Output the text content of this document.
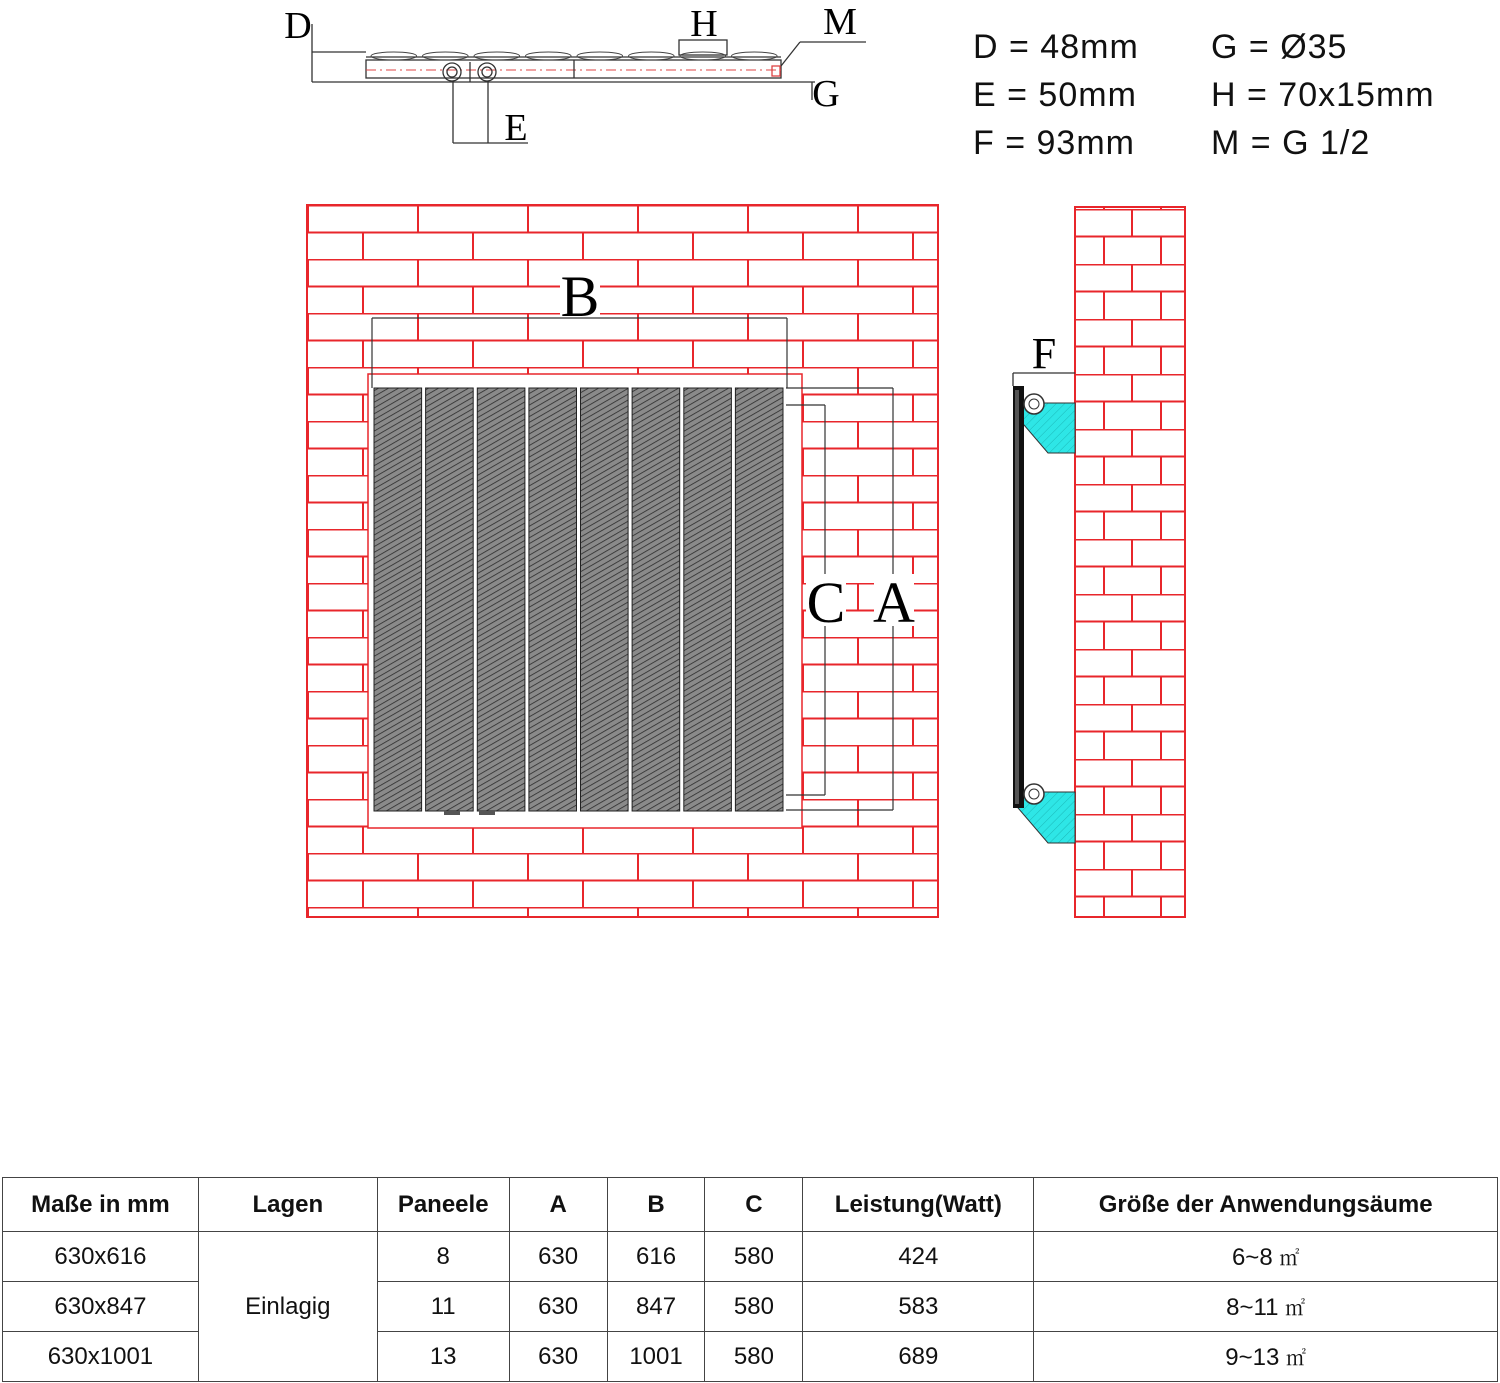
D	H	M
G
E
B
C A
F
D = 48mm
E = 50mm
F = 93mm
G = Ø35
H = 70x15mm
M = G 1/2
Maße in mm	Lagen	Paneele	A	B	C	Leistung(Watt)	Größe der Anwendungsäume
630x616	Einlagig	8	630	616	580	424	6~8 ㎡
630x847		11	630	847	580	583	8~11 ㎡
630x1001		13	630	1001	580	689	9~13 ㎡
